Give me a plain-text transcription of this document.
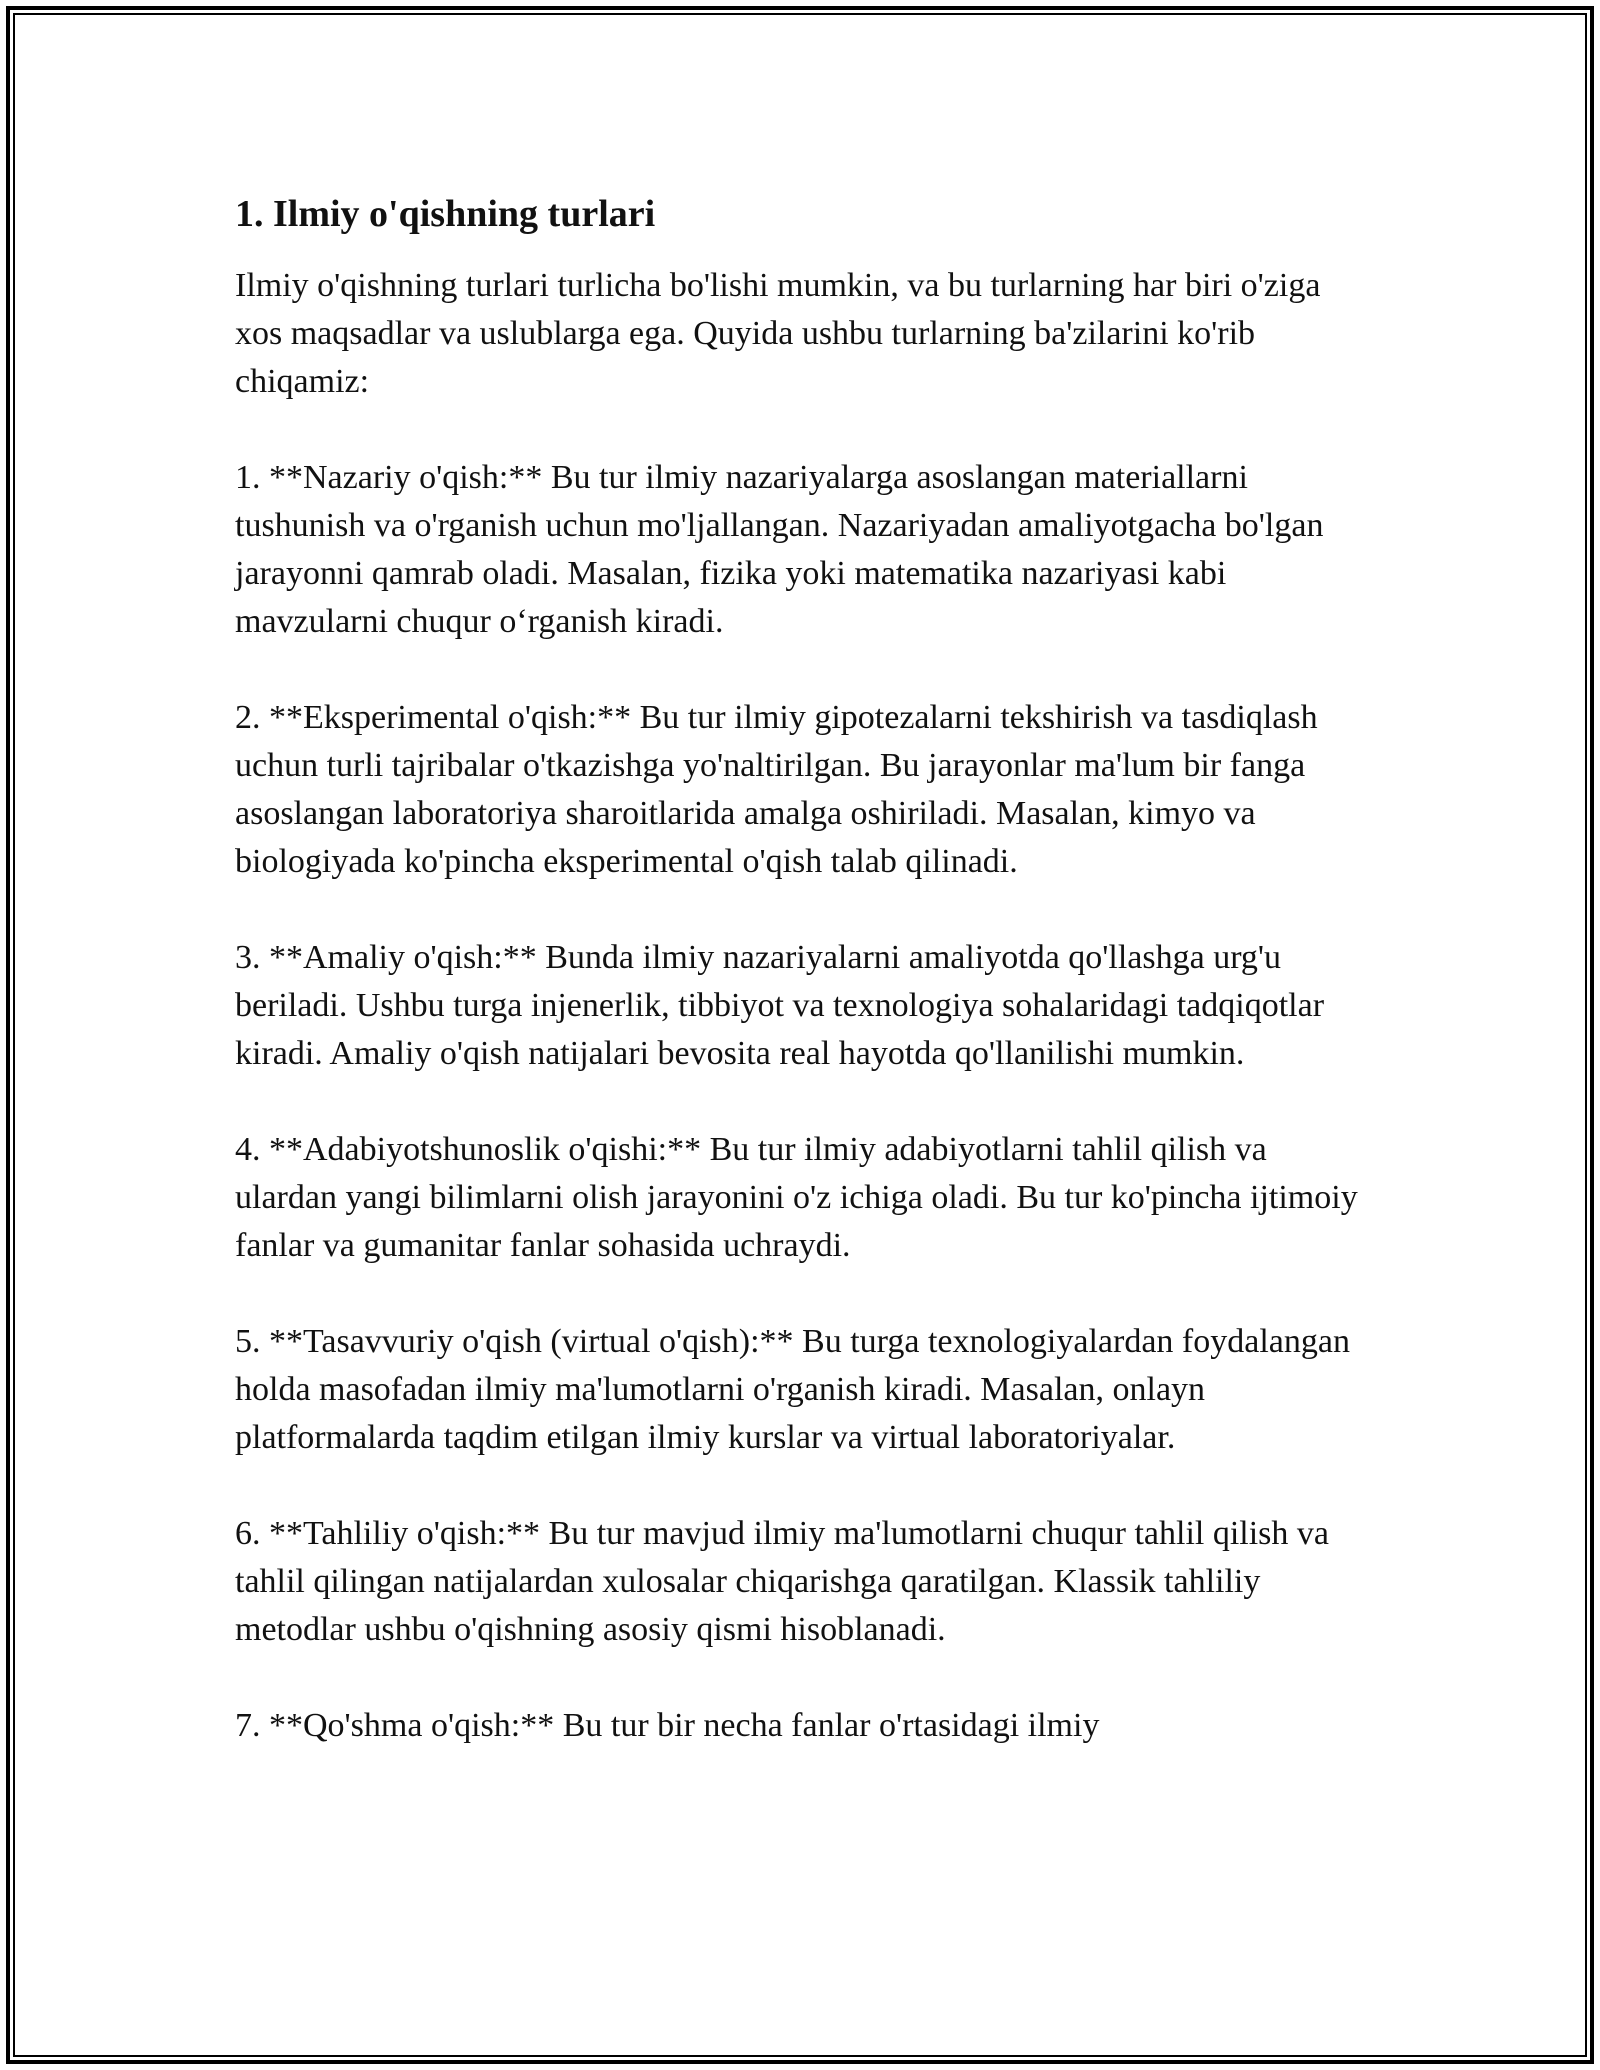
1. Ilmiy o'qishning turlari

Ilmiy o'qishning turlari turlicha bo'lishi mumkin, va bu turlarning har biri o'ziga xos maqsadlar va uslublarga ega. Quyida ushbu turlarning ba'zilarini ko'rib chiqamiz:

1. **Nazariy o'qish:** Bu tur ilmiy nazariyalarga asoslangan materiallarni tushunish va o'rganish uchun mo'ljallangan. Nazariyadan amaliyotgacha bo'lgan jarayonni qamrab oladi. Masalan, fizika yoki matematika nazariyasi kabi mavzularni chuqur o‘rganish kiradi.

2. **Eksperimental o'qish:** Bu tur ilmiy gipotezalarni tekshirish va tasdiqlash uchun turli tajribalar o'tkazishga yo'naltirilgan. Bu jarayonlar ma'lum bir fanga asoslangan laboratoriya sharoitlarida amalga oshiriladi. Masalan, kimyo va biologiyada ko'pincha eksperimental o'qish talab qilinadi.

3. **Amaliy o'qish:** Bunda ilmiy nazariyalarni amaliyotda qo'llashga urg'u beriladi. Ushbu turga injenerlik, tibbiyot va texnologiya sohalaridagi tadqiqotlar kiradi. Amaliy o'qish natijalari bevosita real hayotda qo'llanilishi mumkin.

4. **Adabiyotshunoslik o'qishi:** Bu tur ilmiy adabiyotlarni tahlil qilish va ulardan yangi bilimlarni olish jarayonini o'z ichiga oladi. Bu tur ko'pincha ijtimoiy fanlar va gumanitar fanlar sohasida uchraydi.

5. **Tasavvuriy o'qish (virtual o'qish):** Bu turga texnologiyalardan foydalangan holda masofadan ilmiy ma'lumotlarni o'rganish kiradi. Masalan, onlayn platformalarda taqdim etilgan ilmiy kurslar va virtual laboratoriyalar.

6. **Tahliliy o'qish:** Bu tur mavjud ilmiy ma'lumotlarni chuqur tahlil qilish va tahlil qilingan natijalardan xulosalar chiqarishga qaratilgan. Klassik tahliliy metodlar ushbu o'qishning asosiy qismi hisoblanadi.

7. **Qo'shma o'qish:** Bu tur bir necha fanlar o'rtasidagi ilmiy
